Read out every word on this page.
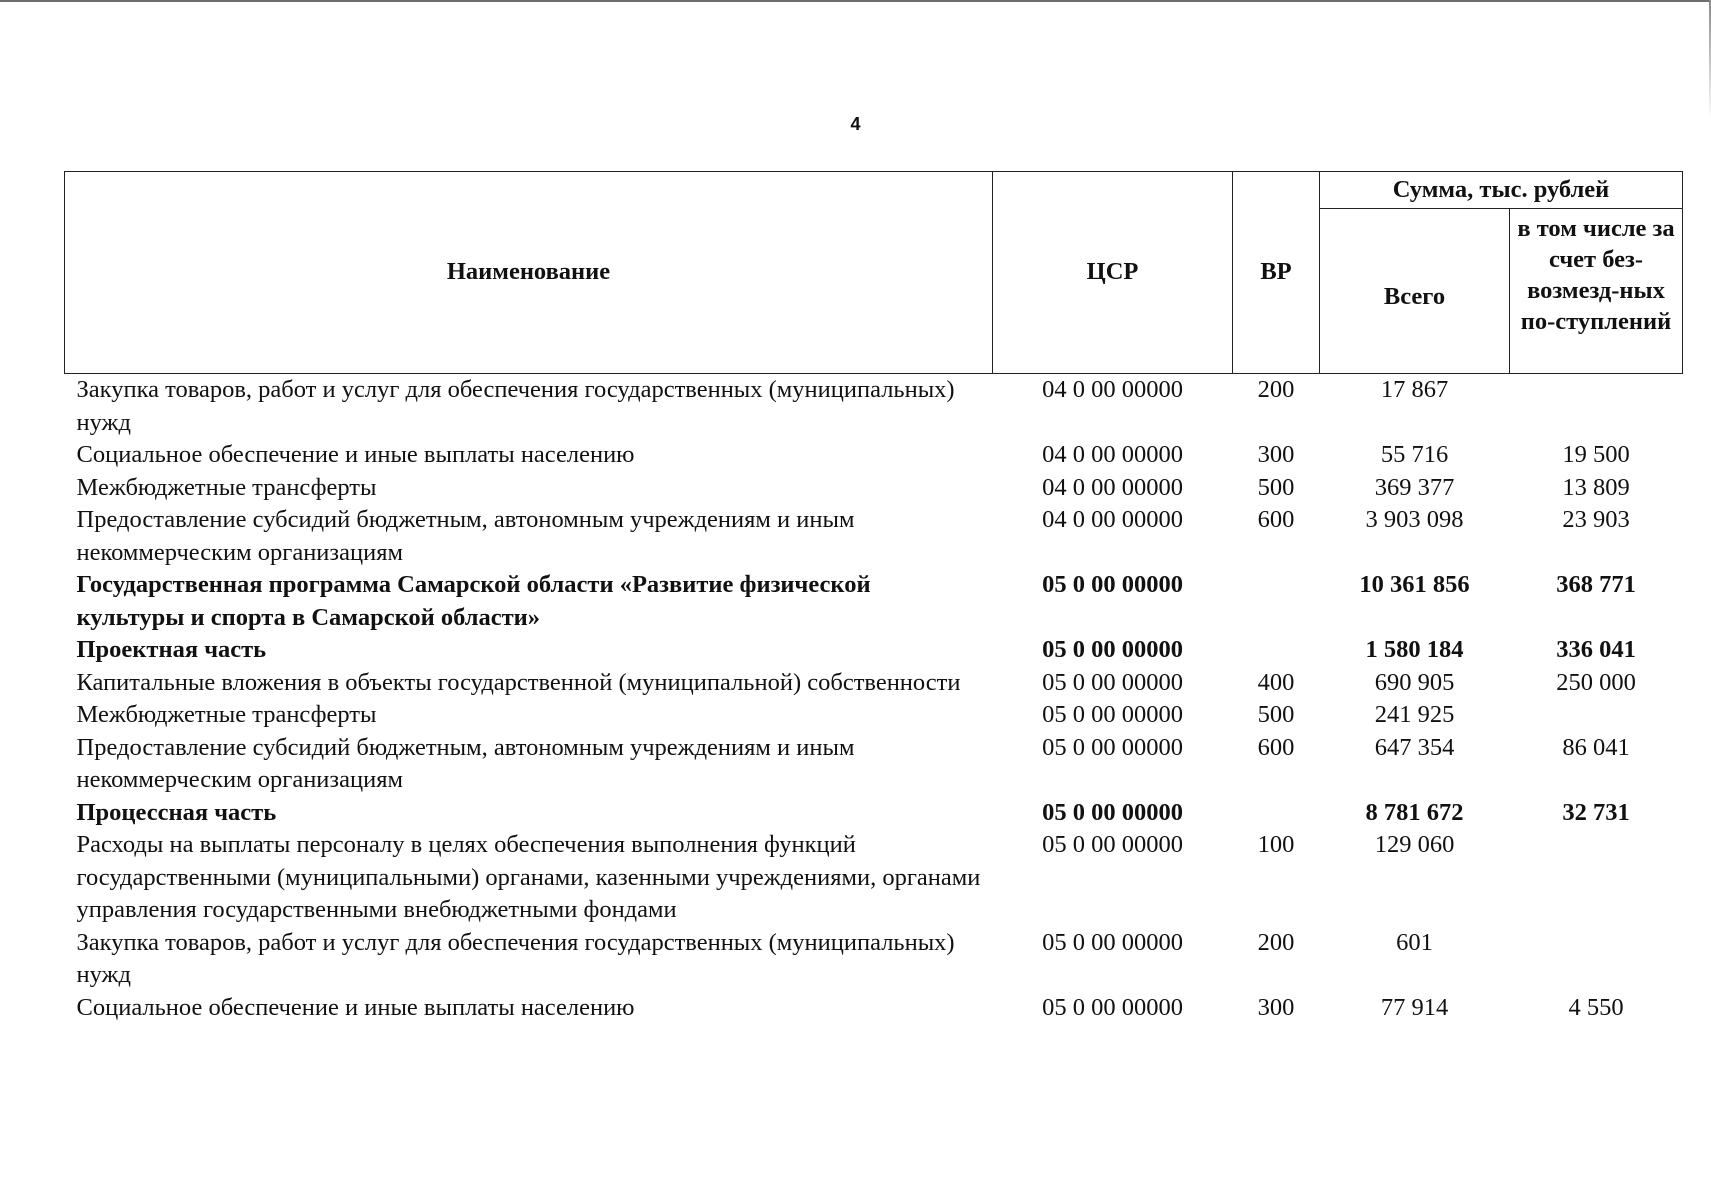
4
Наименование	ЦСР	ВР	Сумма, тыс. рублей	
			Всего	в том числе за счет без-возмезд-ных по-ступлений
Закупка товаров, работ и услуг для обеспечения государственных (муниципальных) нужд	04 0 00 00000	200	17 867	
Социальное обеспечение и иные выплаты населению	04 0 00 00000	300	55 716	19 500
Межбюджетные трансферты	04 0 00 00000	500	369 377	13 809
Предоставление субсидий бюджетным, автономным учреждениям и иным некоммерческим организациям	04 0 00 00000	600	3 903 098	23 903
Государственная программа Самарской области «Развитие физической культуры и спорта в Самарской области»	05 0 00 00000		10 361 856	368 771
Проектная часть	05 0 00 00000		1 580 184	336 041
Капитальные вложения в объекты государственной (муниципальной) собственности	05 0 00 00000	400	690 905	250 000
Межбюджетные трансферты	05 0 00 00000	500	241 925	
Предоставление субсидий бюджетным, автономным учреждениям и иным некоммерческим организациям	05 0 00 00000	600	647 354	86 041
Процессная часть	05 0 00 00000		8 781 672	32 731
Расходы на выплаты персоналу в целях обеспечения выполнения функций государственными (муниципальными) органами, казенными учреждениями, органами управления государственными внебюджетными фондами	05 0 00 00000	100	129 060	
Закупка товаров, работ и услуг для обеспечения государственных (муниципальных) нужд	05 0 00 00000	200	601	
Социальное обеспечение и иные выплаты населению	05 0 00 00000	300	77 914	4 550
